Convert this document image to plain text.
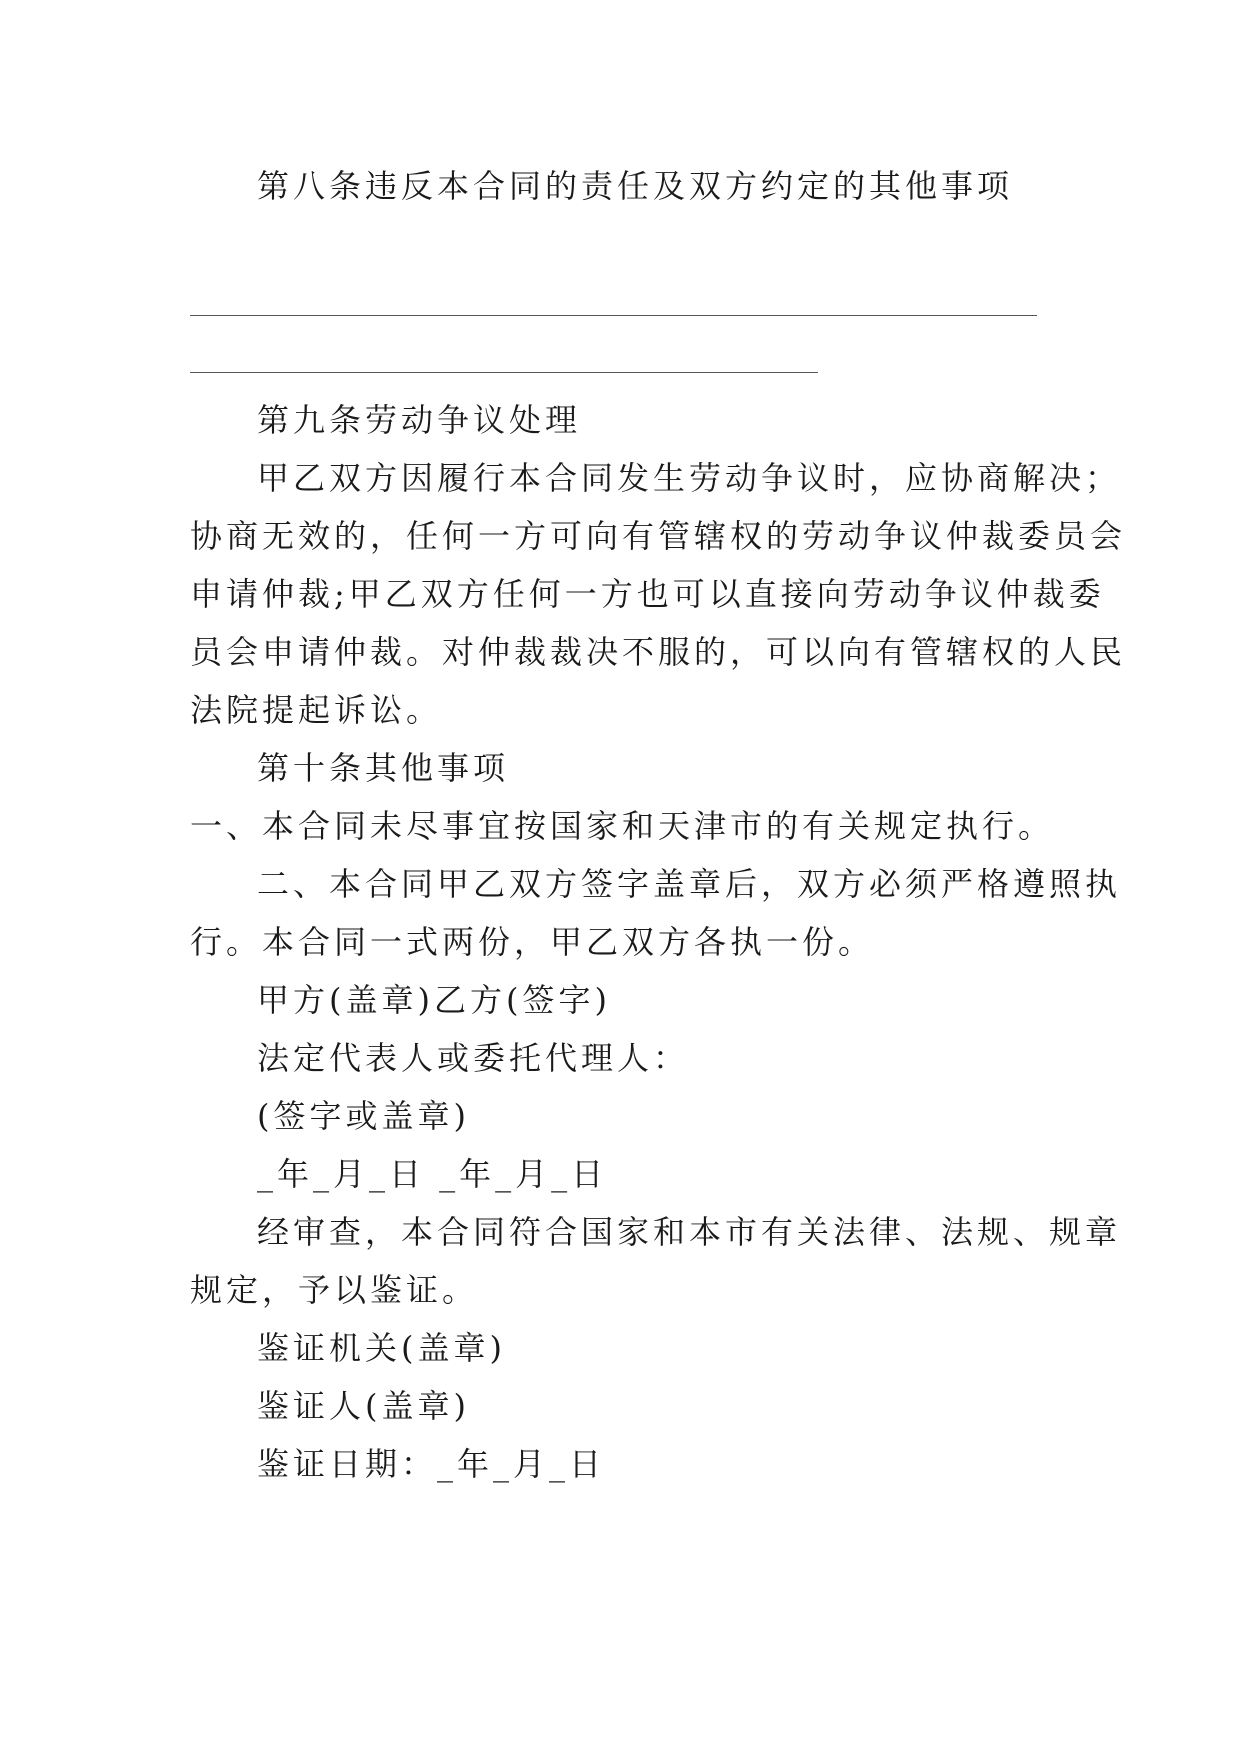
第八条违反本合同的责任及双方约定的其他事项
第九条劳动争议处理
甲乙双方因履行本合同发生劳动争议时，应协商解决；
协商无效的，任何一方可向有管辖权的劳动争议仲裁委员会
申请仲裁;甲乙双方任何一方也可以直接向劳动争议仲裁委
员会申请仲裁。对仲裁裁决不服的，可以向有管辖权的人民
法院提起诉讼。
第十条其他事项
一、本合同未尽事宜按国家和天津市的有关规定执行。
二、本合同甲乙双方签字盖章后，双方必须严格遵照执
行。本合同一式两份，甲乙双方各执一份。
甲方(盖章)乙方(签字)
法定代表人或委托代理人：
(签字或盖章)
_年_月_日 _年_月_日
经审查，本合同符合国家和本市有关法律、法规、规章
规定，予以鉴证。
鉴证机关(盖章)
鉴证人(盖章)
鉴证日期：_年_月_日
